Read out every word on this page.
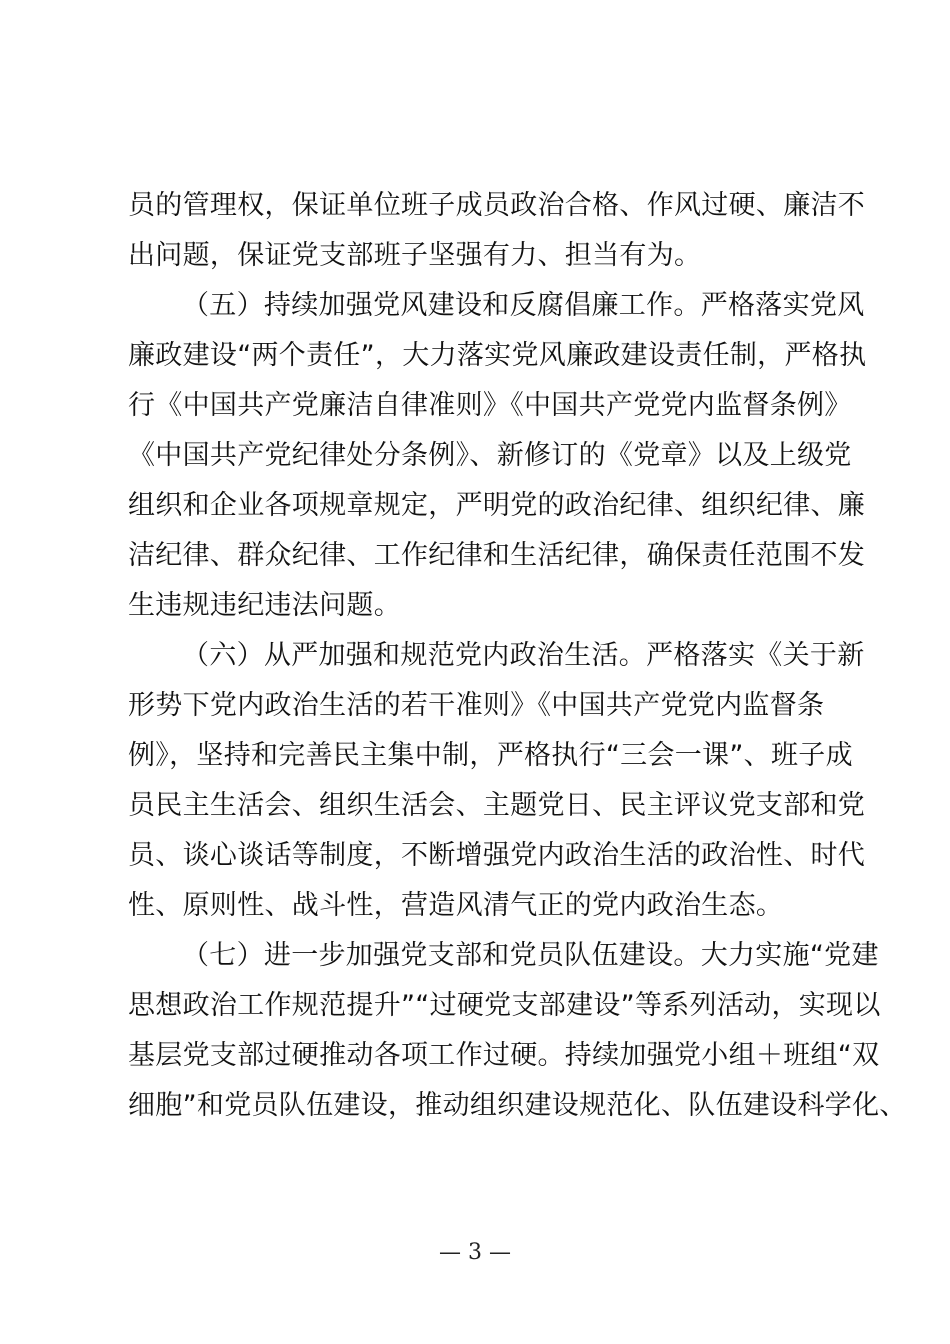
员的管理权，保证单位班子成员政治合格、作风过硬、廉洁不
出问题，保证党支部班子坚强有力、担当有为。
（五）持续加强党风建设和反腐倡廉工作。严格落实党风
廉政建设“两个责任”，大力落实党风廉政建设责任制，严格执
行《中国共产党廉洁自律准则》《中国共产党党内监督条例》
《中国共产党纪律处分条例》、新修订的《党章》以及上级党
组织和企业各项规章规定，严明党的政治纪律、组织纪律、廉
洁纪律、群众纪律、工作纪律和生活纪律，确保责任范围不发
生违规违纪违法问题。
（六）从严加强和规范党内政治生活。严格落实《关于新
形势下党内政治生活的若干准则》《中国共产党党内监督条
例》，坚持和完善民主集中制，严格执行“三会一课”、班子成
员民主生活会、组织生活会、主题党日、民主评议党支部和党
员、谈心谈话等制度，不断增强党内政治生活的政治性、时代
性、原则性、战斗性，营造风清气正的党内政治生态。
（七）进一步加强党支部和党员队伍建设。大力实施“党建
思想政治工作规范提升”“过硬党支部建设”等系列活动，实现以
基层党支部过硬推动各项工作过硬。持续加强党小组＋班组“双
细胞”和党员队伍建设，推动组织建设规范化、队伍建设科学化、
— 3 —
